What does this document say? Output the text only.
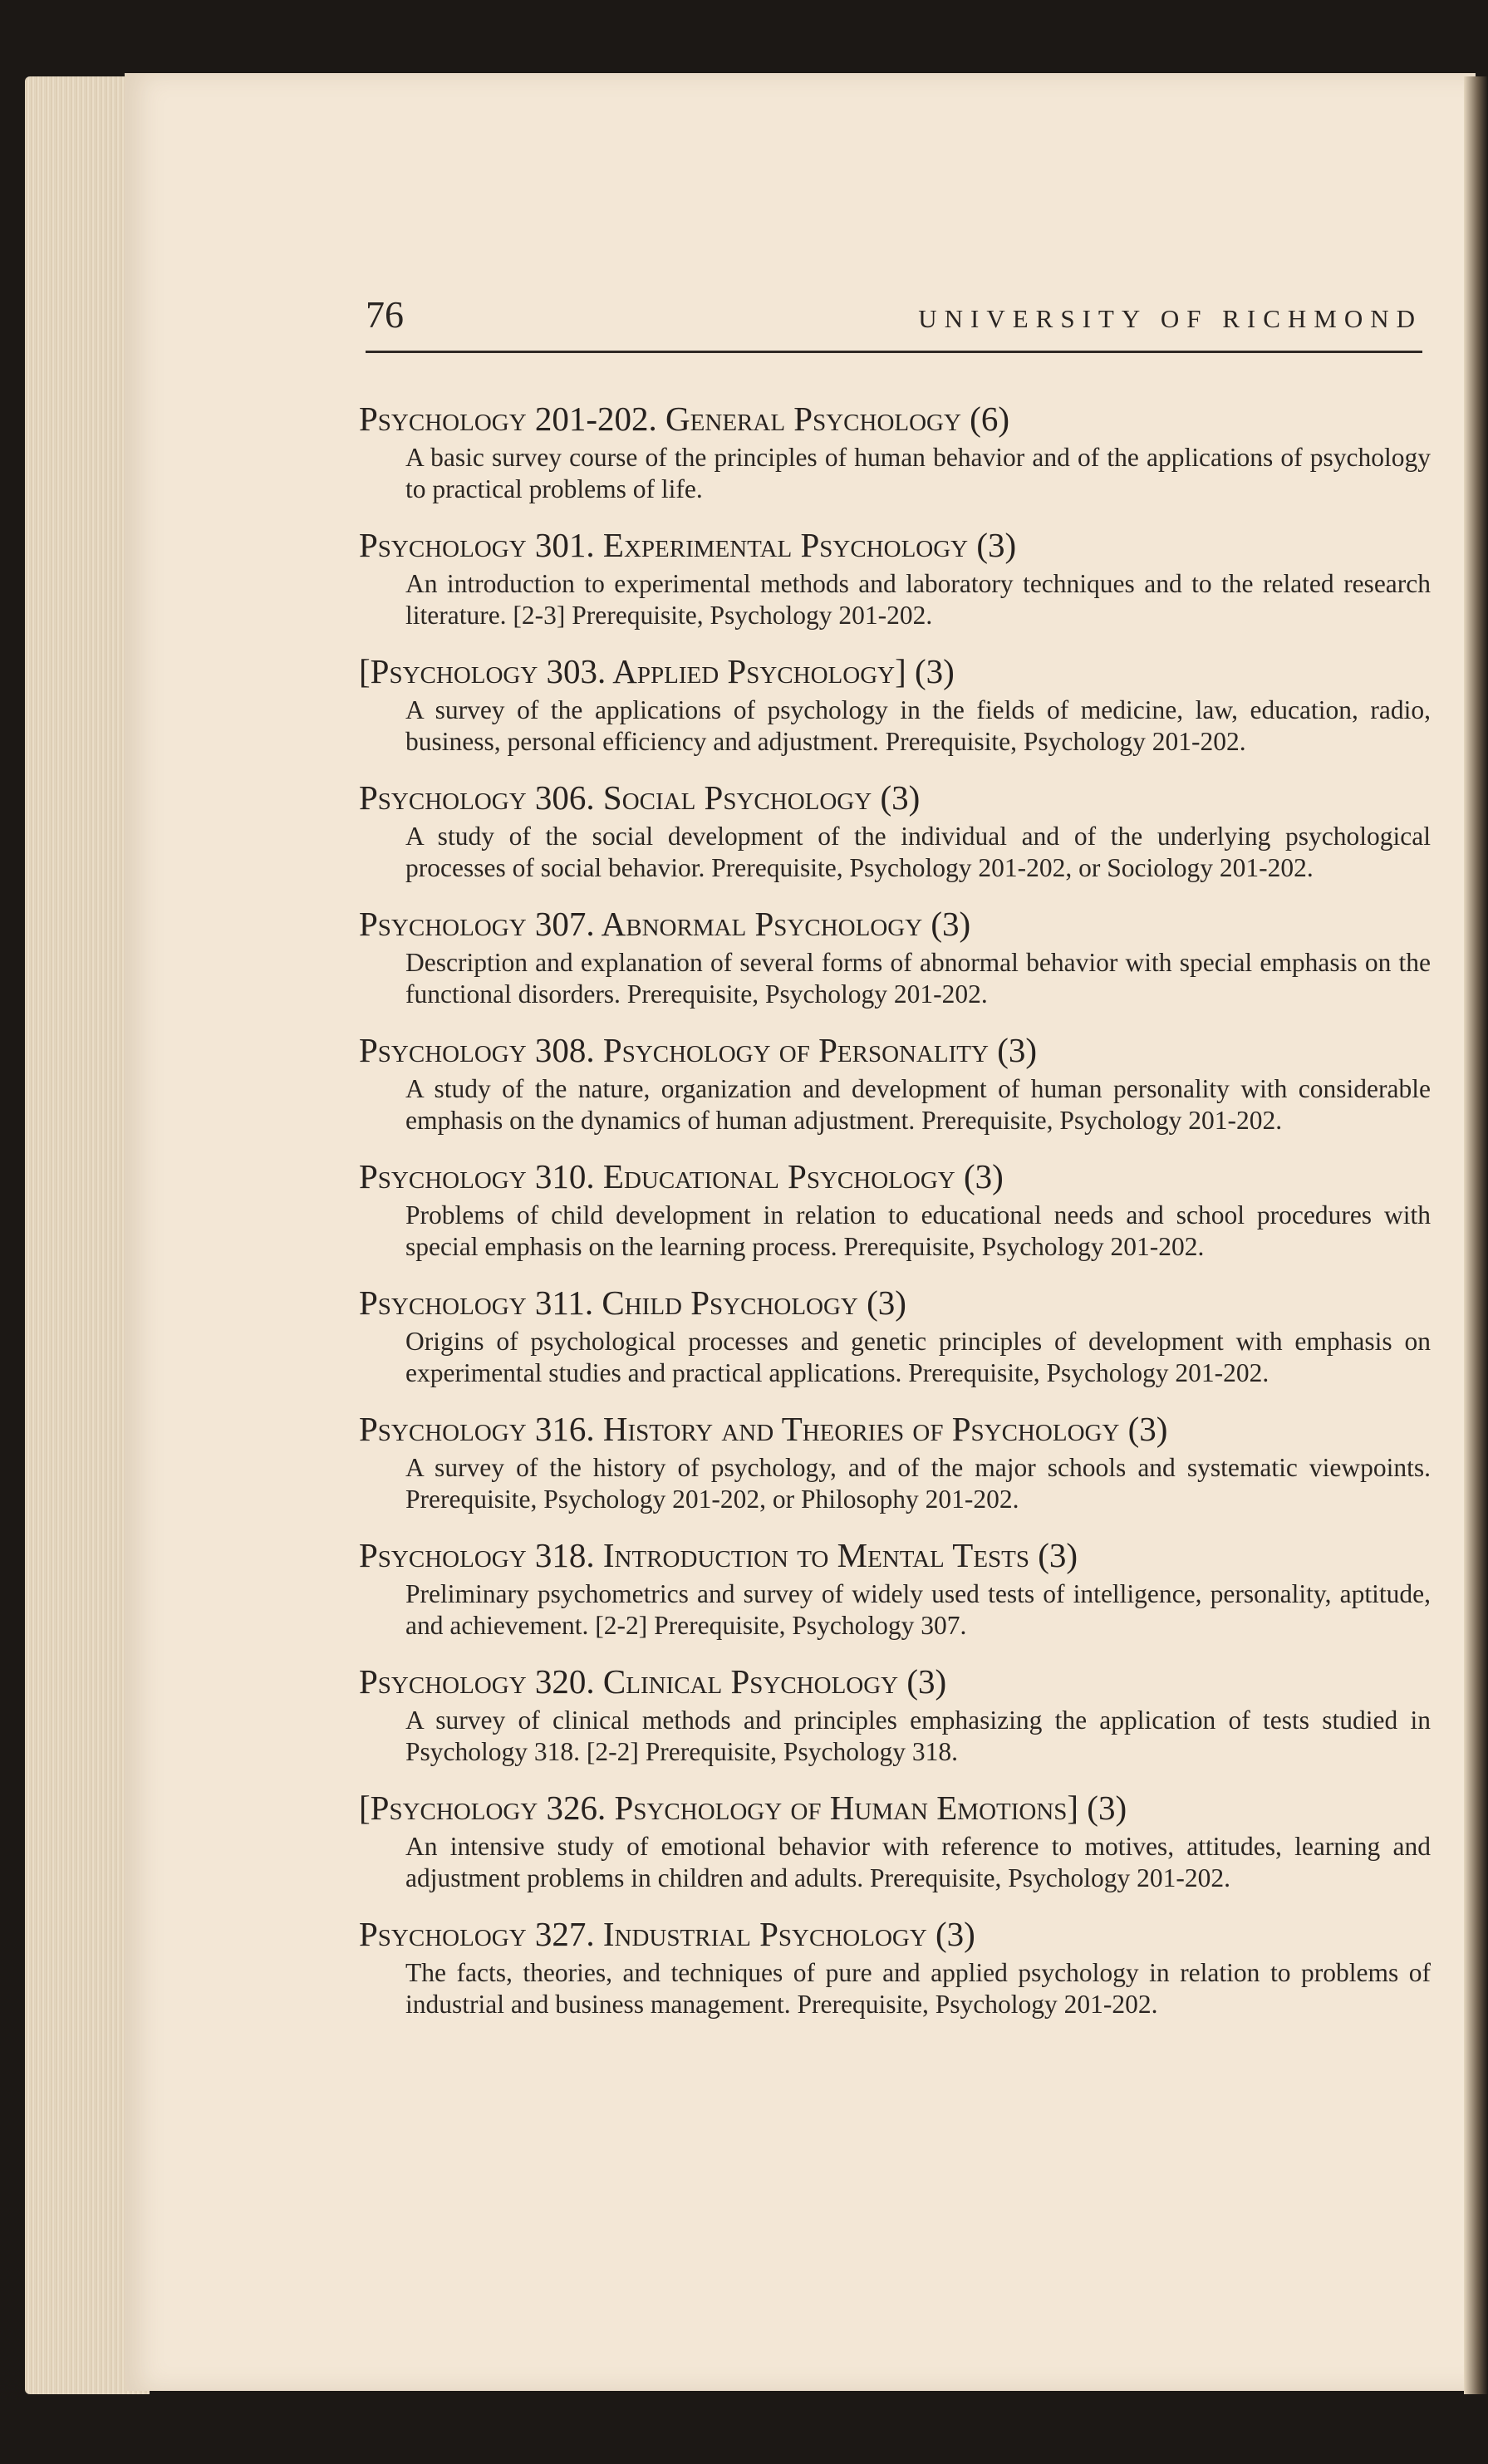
76	UNIVERSITY OF RICHMOND
Psychology 201-202. General Psychology (6)
A basic survey course of the principles of human behavior and of the applications of psychology to practical problems of life.
Psychology 301. Experimental Psychology (3)
An introduction to experimental methods and laboratory techniques and to the related research literature. [2-3] Prerequisite, Psychology 201-202.
[Psychology 303. Applied Psychology] (3)
A survey of the applications of psychology in the fields of medicine, law, education, radio, business, personal efficiency and adjustment. Prerequisite, Psychology 201-202.
Psychology 306. Social Psychology (3)
A study of the social development of the individual and of the underlying psychological processes of social behavior. Prerequisite, Psychology 201-202, or Sociology 201-202.
Psychology 307. Abnormal Psychology (3)
Description and explanation of several forms of abnormal behavior with special emphasis on the functional disorders. Prerequisite, Psychology 201-202.
Psychology 308. Psychology of Personality (3)
A study of the nature, organization and development of human personality with considerable emphasis on the dynamics of human adjustment. Prerequisite, Psychology 201-202.
Psychology 310. Educational Psychology (3)
Problems of child development in relation to educational needs and school procedures with special emphasis on the learning process. Prerequisite, Psychology 201-202.
Psychology 311. Child Psychology (3)
Origins of psychological processes and genetic principles of development with emphasis on experimental studies and practical applications. Prerequisite, Psychology 201-202.
Psychology 316. History and Theories of Psychology (3)
A survey of the history of psychology, and of the major schools and systematic viewpoints. Prerequisite, Psychology 201-202, or Philosophy 201-202.
Psychology 318. Introduction to Mental Tests (3)
Preliminary psychometrics and survey of widely used tests of intelligence, personality, aptitude, and achievement. [2-2] Prerequisite, Psychology 307.
Psychology 320. Clinical Psychology (3)
A survey of clinical methods and principles emphasizing the application of tests studied in Psychology 318. [2-2] Prerequisite, Psychology 318.
[Psychology 326. Psychology of Human Emotions] (3)
An intensive study of emotional behavior with reference to motives, attitudes, learning and adjustment problems in children and adults. Prerequisite, Psychology 201-202.
Psychology 327. Industrial Psychology (3)
The facts, theories, and techniques of pure and applied psychology in relation to problems of industrial and business management. Prerequisite, Psychology 201-202.
